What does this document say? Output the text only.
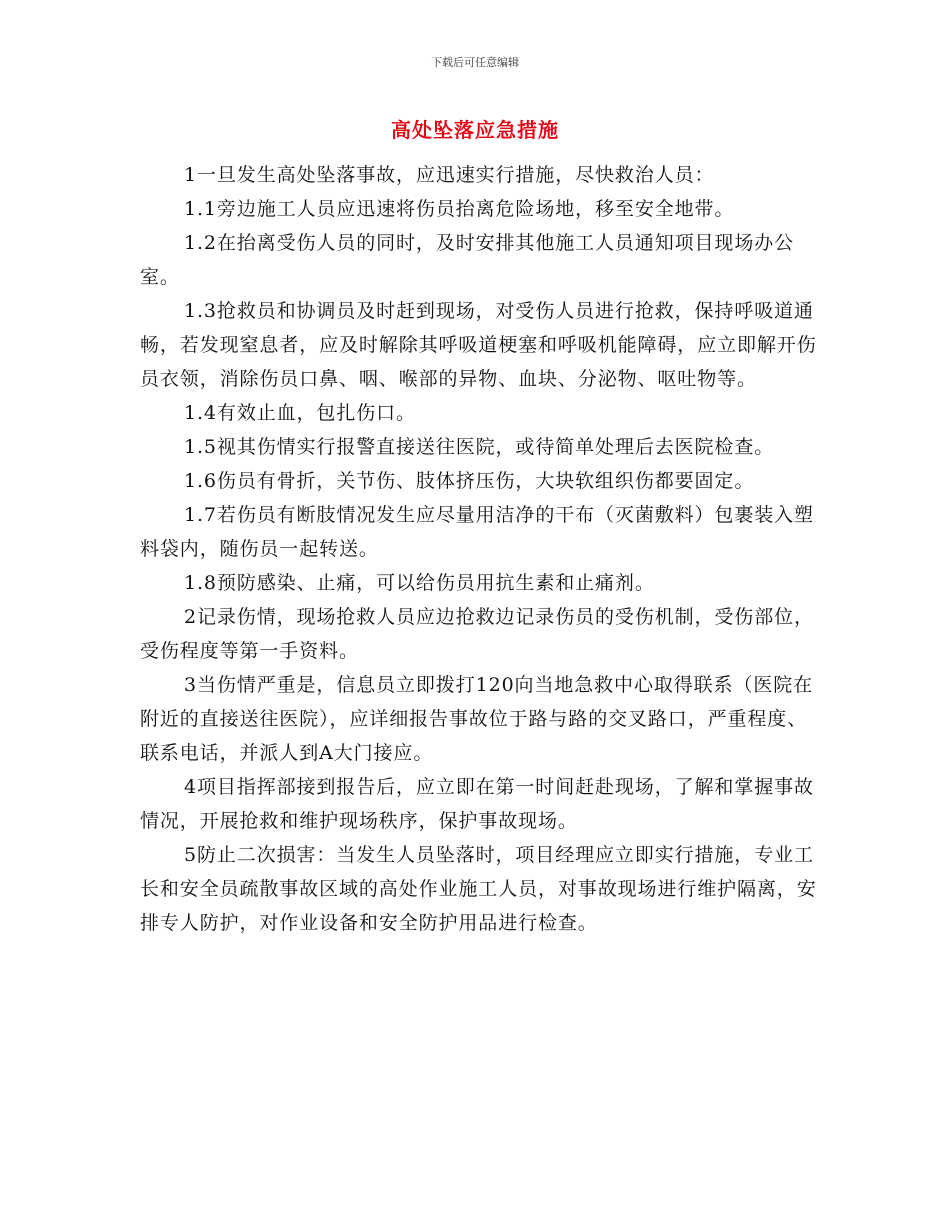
下载后可任意编辑
高处坠落应急措施

1一旦发生高处坠落事故，应迅速实行措施，尽快救治人员：

1.1旁边施工人员应迅速将伤员抬离危险场地，移至安全地带。

1.2在抬离受伤人员的同时，及时安排其他施工人员通知项目现场办公室。

1.3抢救员和协调员及时赶到现场，对受伤人员进行抢救，保持呼吸道通畅，若发现窒息者，应及时解除其呼吸道梗塞和呼吸机能障碍，应立即解开伤员衣领，消除伤员口鼻、咽、喉部的异物、血块、分泌物、呕吐物等。

1.4有效止血，包扎伤口。

1.5视其伤情实行报警直接送往医院，或待简单处理后去医院检查。

1.6伤员有骨折，关节伤、肢体挤压伤，大块软组织伤都要固定。

1.7若伤员有断肢情况发生应尽量用洁净的干布（灭菌敷料）包裹装入塑料袋内，随伤员一起转送。

1.8预防感染、止痛，可以给伤员用抗生素和止痛剂。

2记录伤情，现场抢救人员应边抢救边记录伤员的受伤机制，受伤部位，受伤程度等第一手资料。

3当伤情严重是，信息员立即拨打120向当地急救中心取得联系（医院在附近的直接送往医院），应详细报告事故位于路与路的交叉路口，严重程度、联系电话，并派人到A大门接应。

4项目指挥部接到报告后，应立即在第一时间赶赴现场，了解和掌握事故情况，开展抢救和维护现场秩序，保护事故现场。

5防止二次损害：当发生人员坠落时，项目经理应立即实行措施，专业工长和安全员疏散事故区域的高处作业施工人员，对事故现场进行维护隔离，安排专人防护，对作业设备和安全防护用品进行检查。
